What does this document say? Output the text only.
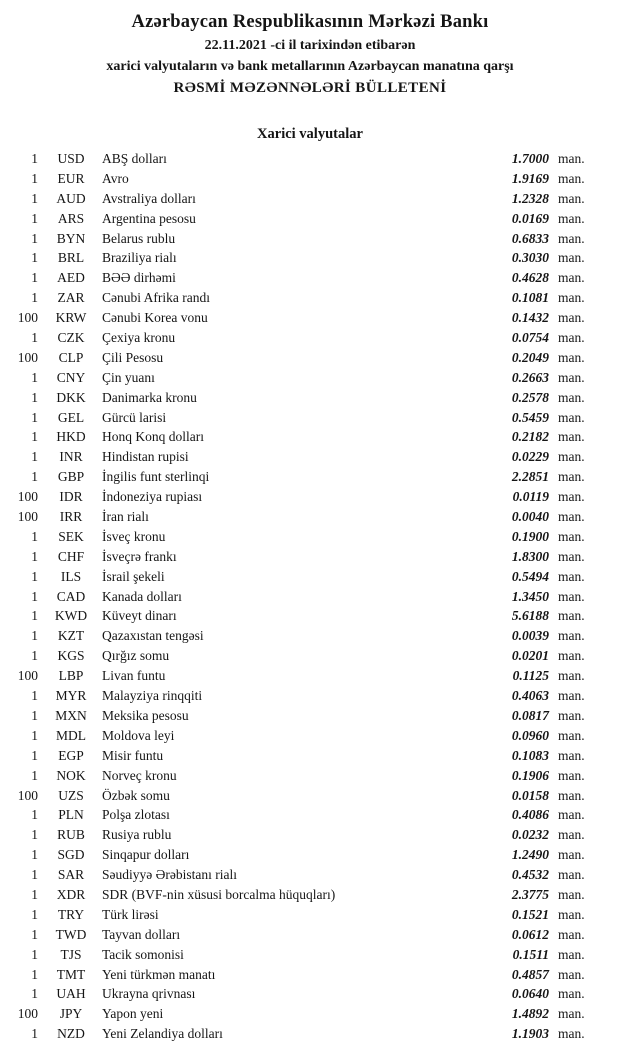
Azərbaycan Respublikasının Mərkəzi Bankı
22.11.2021 -ci il tarixindən etibarən
xarici valyutaların və bank metallarının Azərbaycan manatına qarşı
RƏSMİ MƏZƏNNƏLƏRİ BÜLLETENİ
Xarici valyutalar
1	USD	ABŞ dolları	1.7000 man.
1	EUR	Avro	1.9169 man.
1	AUD	Avstraliya dolları	1.2328 man.
1	ARS	Argentina pesosu	0.0169 man.
1	BYN	Belarus rublu	0.6833 man.
1	BRL	Braziliya rialı	0.3030 man.
1	AED	BƏƏ dirhəmi	0.4628 man.
1	ZAR	Cənubi Afrika randı	0.1081 man.
100	KRW	Cənubi Korea vonu	0.1432 man.
1	CZK	Çexiya kronu	0.0754 man.
100	CLP	Çili Pesosu	0.2049 man.
1	CNY	Çin yuanı	0.2663 man.
1	DKK	Danimarka kronu	0.2578 man.
1	GEL	Gürcü larisi	0.5459 man.
1	HKD	Honq Konq dolları	0.2182 man.
1	INR	Hindistan rupisi	0.0229 man.
1	GBP	İngilis funt sterlinqi	2.2851 man.
100	IDR	İndoneziya rupiası	0.0119 man.
100	IRR	İran rialı	0.0040 man.
1	SEK	İsveç kronu	0.1900 man.
1	CHF	İsveçrə frankı	1.8300 man.
1	ILS	İsrail şekeli	0.5494 man.
1	CAD	Kanada dolları	1.3450 man.
1	KWD	Küveyt dinarı	5.6188 man.
1	KZT	Qazaxıstan tengəsi	0.0039 man.
1	KGS	Qırğız somu	0.0201 man.
100	LBP	Livan funtu	0.1125 man.
1	MYR	Malayziya rinqqiti	0.4063 man.
1	MXN	Meksika pesosu	0.0817 man.
1	MDL	Moldova leyi	0.0960 man.
1	EGP	Misir funtu	0.1083 man.
1	NOK	Norveç kronu	0.1906 man.
100	UZS	Özbək somu	0.0158 man.
1	PLN	Polşa zlotası	0.4086 man.
1	RUB	Rusiya rublu	0.0232 man.
1	SGD	Sinqapur dolları	1.2490 man.
1	SAR	Səudiyyə Ərəbistanı rialı	0.4532 man.
1	XDR	SDR (BVF-nin xüsusi borcalma hüquqları)	2.3775 man.
1	TRY	Türk lirəsi	0.1521 man.
1	TWD	Tayvan dolları	0.0612 man.
1	TJS	Tacik somonisi	0.1511 man.
1	TMT	Yeni türkmən manatı	0.4857 man.
1	UAH	Ukrayna qrivnası	0.0640 man.
100	JPY	Yapon yeni	1.4892 man.
1	NZD	Yeni Zelandiya dolları	1.1903 man.
